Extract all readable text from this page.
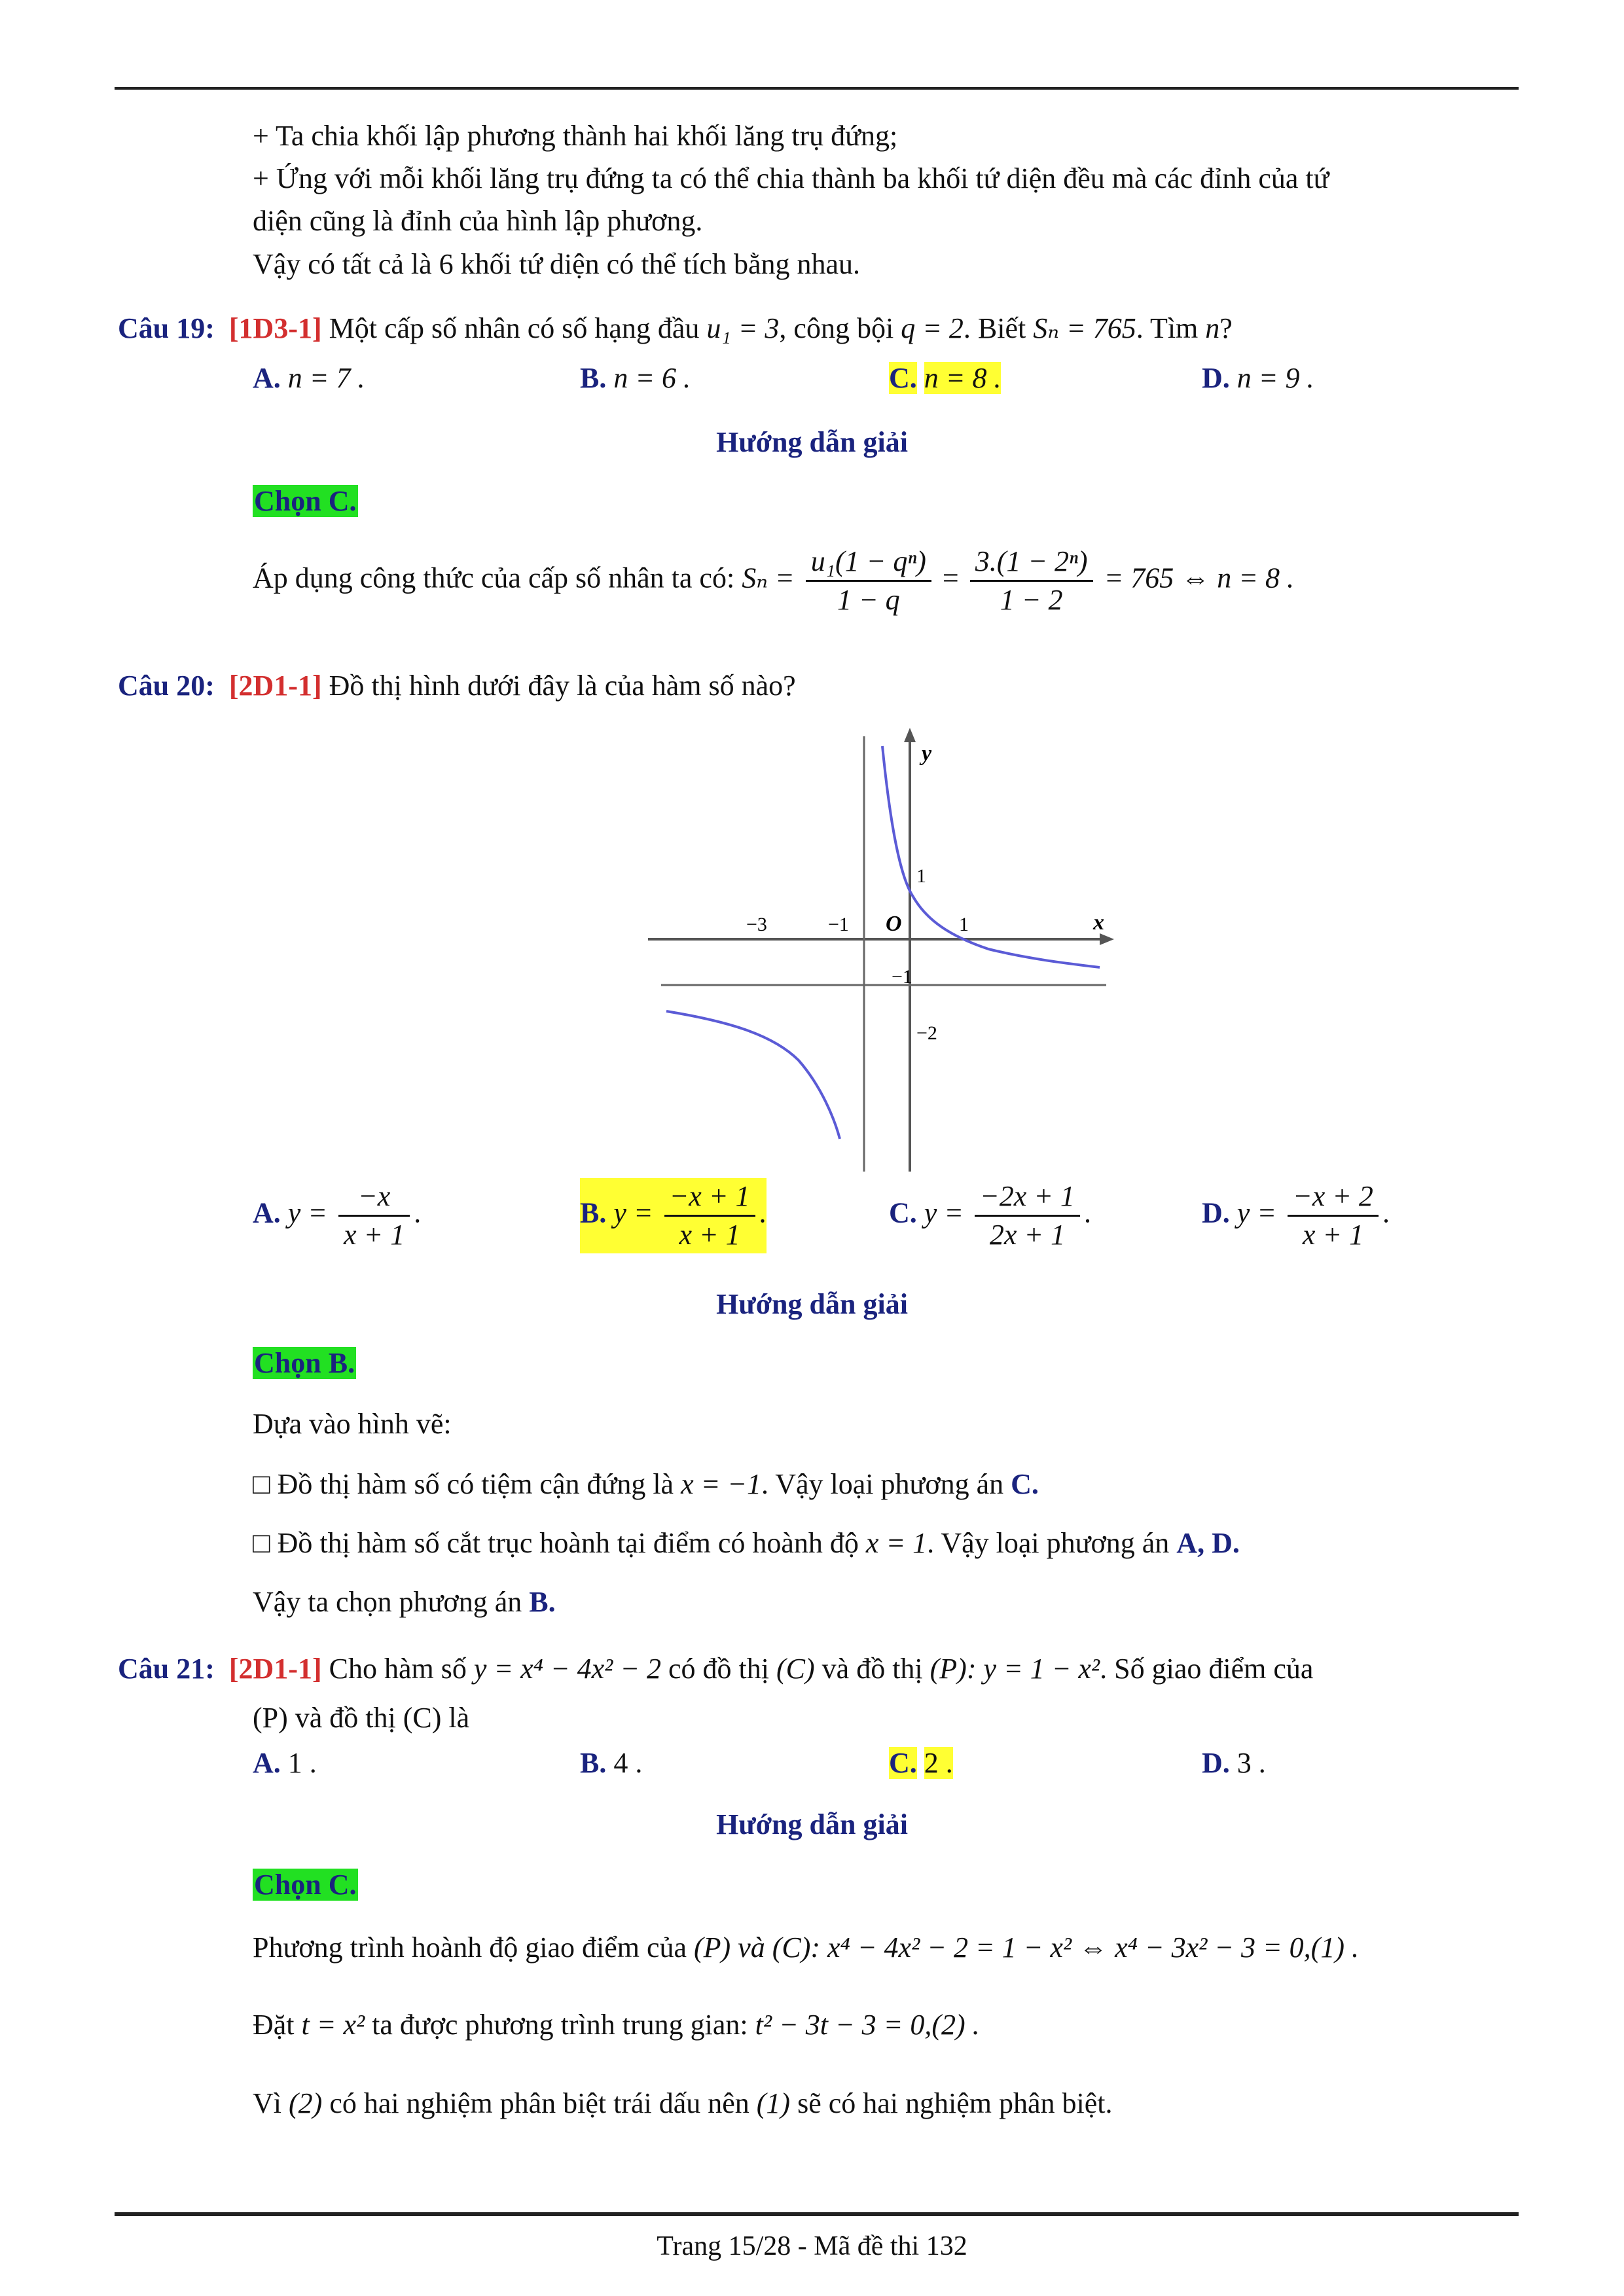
+ Ta chia khối lập phương thành hai khối lăng trụ đứng;
+ Ứng với mỗi khối lăng trụ đứng ta có thể chia thành ba khối tứ diện đều mà các đỉnh của tứ
diện cũng là đỉnh của hình lập phương.
Vậy có tất cả là 6 khối tứ diện có thể tích bằng nhau.
Câu 19: [1D3-1] Một cấp số nhân có số hạng đầu u₁ = 3, công bội q = 2. Biết Sₙ = 765. Tìm n?
A. n = 7 .	B. n = 6 .	C. n = 8 .	D. n = 9 .
Hướng dẫn giải
Chọn C.
Áp dụng công thức của cấp số nhân ta có: $S_n = \frac{\text{u₁(1 − qⁿ)}}{1 - q} = \frac{\text{3.(1 − 2ⁿ)}}{1 - 2} = 765$ ⇔ n = 8 .
Câu 20: [2D1-1] Đồ thị hình dưới đây là của hàm số nào?
y
x
O
−3	−1	1
1
−1
−2
A. $y = \frac{-x}{x + 1}$ .	B. $y = \frac{-x + 1}{x + 1}$ .	C. $y = \frac{-2x + 1}{2x + 1}$ .	D. $y = \frac{-x + 2}{x + 1}$ .
Hướng dẫn giải
Chọn B.
Dựa vào hình vẽ:
□ Đồ thị hàm số có tiệm cận đứng là x = −1. Vậy loại phương án C.
□ Đồ thị hàm số cắt trục hoành tại điểm có hoành độ x = 1. Vậy loại phương án A, D.
Vậy ta chọn phương án B.
Câu 21: [2D1-1] Cho hàm số y = x⁴ − 4x² − 2 có đồ thị (C) và đồ thị (P): y = 1 − x². Số giao điểm của
(P) và đồ thị (C) là
A. 1 .	B. 4 .	C. 2 .	D. 3 .
Hướng dẫn giải
Chọn C.
Phương trình hoành độ giao điểm của (P) và (C): x⁴ − 4x² − 2 = 1 − x² ⇔ x⁴ − 3x² − 3 = 0,(1) .
Đặt t = x² ta được phương trình trung gian: t² − 3t − 3 = 0,(2) .
Vì (2) có hai nghiệm phân biệt trái dấu nên (1) sẽ có hai nghiệm phân biệt.
Trang 15/28 - Mã đề thi 132
